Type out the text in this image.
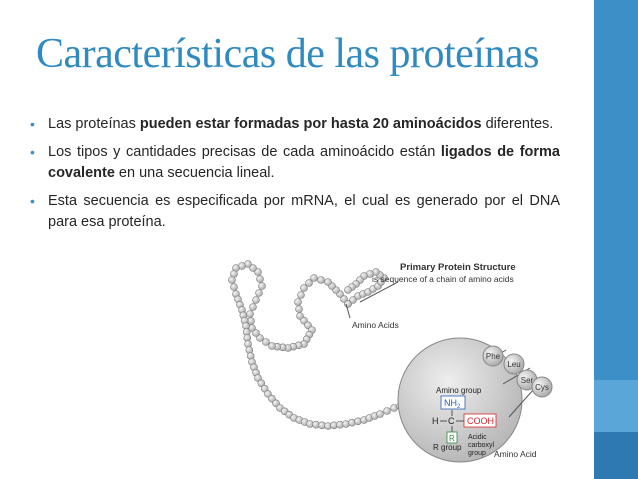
Características de las proteínas
• Las proteínas pueden estar formadas por hasta 20 aminoácidos diferentes.
• Los tipos y cantidades precisas de cada aminoácido están ligados de forma covalente en una secuencia lineal.
• Esta secuencia es especificada por mRNA, el cual es generado por el DNA para esa proteína.
Phe
Leu
Ser
Cys
Primary Protein Structure
is sequence of a chain of amino acids
Amino Acids
Amino group
$NH_2$
H C COOH
R Acidic
carboxyl
group
R group
Amino Acid
